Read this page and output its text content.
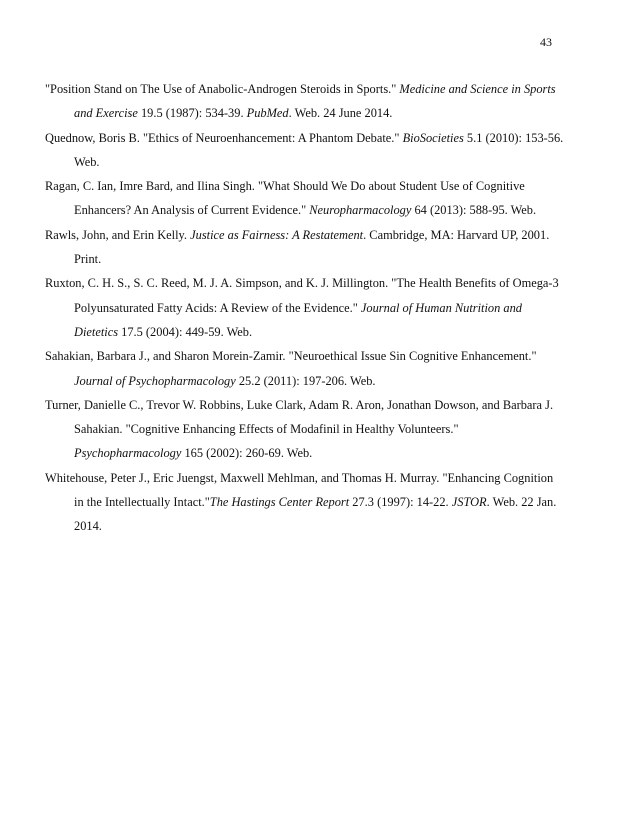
43

"Position Stand on The Use of Anabolic-Androgen Steroids in Sports." Medicine and Science in Sports and Exercise 19.5 (1987): 534-39. PubMed. Web. 24 June 2014.

Quednow, Boris B. "Ethics of Neuroenhancement: A Phantom Debate." BioSocieties 5.1 (2010): 153-56. Web.

Ragan, C. Ian, Imre Bard, and Ilina Singh. "What Should We Do about Student Use of Cognitive Enhancers? An Analysis of Current Evidence." Neuropharmacology 64 (2013): 588-95. Web.

Rawls, John, and Erin Kelly. Justice as Fairness: A Restatement. Cambridge, MA: Harvard UP, 2001. Print.

Ruxton, C. H. S., S. C. Reed, M. J. A. Simpson, and K. J. Millington. "The Health Benefits of Omega-3 Polyunsaturated Fatty Acids: A Review of the Evidence." Journal of Human Nutrition and Dietetics 17.5 (2004): 449-59. Web.

Sahakian, Barbara J., and Sharon Morein-Zamir. "Neuroethical Issue Sin Cognitive Enhancement." Journal of Psychopharmacology 25.2 (2011): 197-206. Web.

Turner, Danielle C., Trevor W. Robbins, Luke Clark, Adam R. Aron, Jonathan Dowson, and Barbara J. Sahakian. "Cognitive Enhancing Effects of Modafinil in Healthy Volunteers." Psychopharmacology 165 (2002): 260-69. Web.

Whitehouse, Peter J., Eric Juengst, Maxwell Mehlman, and Thomas H. Murray. "Enhancing Cognition in the Intellectually Intact."The Hastings Center Report 27.3 (1997): 14-22. JSTOR. Web. 22 Jan. 2014.
